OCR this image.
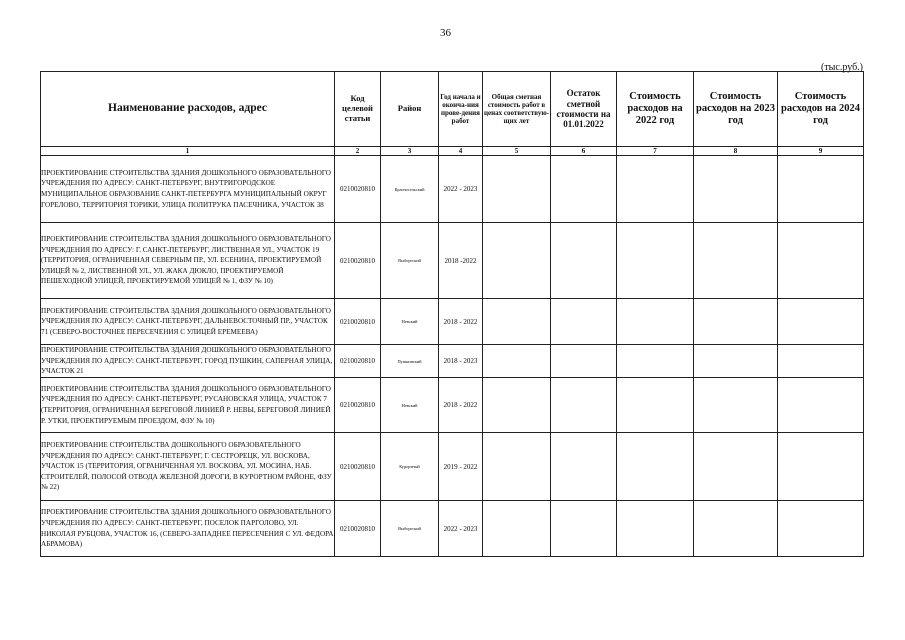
36
(тыс.руб.)
Наименование расходов, адрес	Код целевой статьи	Район	Год начала и оконча-ния прове-дения работ	Общая сметная стоимость работ в ценах соответствую-щих лет	Остаток сметной стоимости на 01.01.2022	Стоимость расходов на 2022 год	Стоимость расходов на 2023 год	Стоимость расходов на 2024 год
1	2	3	4	5	6	7	8	9
ПРОЕКТИРОВАНИЕ СТРОИТЕЛЬСТВА ЗДАНИЯ ДОШКОЛЬНОГО ОБРАЗОВАТЕЛЬНОГО УЧРЕЖДЕНИЯ ПО АДРЕСУ: САНКТ-ПЕТЕРБУРГ, ВНУТРИГОРОДСКОЕ МУНИЦИПАЛЬНОЕ ОБРАЗОВАНИЕ САНКТ-ПЕТЕРБУРГА МУНИЦИПАЛЬНЫЙ ОКРУГ ГОРЕЛОВО, ТЕРРИТОРИЯ ТОРИКИ, УЛИЦА ПОЛИТРУКА ПАСЕЧНИКА, УЧАСТОК 38	0210020810	Красносельский	2022 - 2023					
ПРОЕКТИРОВАНИЕ СТРОИТЕЛЬСТВА ЗДАНИЯ ДОШКОЛЬНОГО ОБРАЗОВАТЕЛЬНОГО УЧРЕЖДЕНИЯ ПО АДРЕСУ: Г. САНКТ-ПЕТЕРБУРГ, ЛИСТВЕННАЯ УЛ., УЧАСТОК 19 (ТЕРРИТОРИЯ, ОГРАНИЧЕННАЯ СЕВЕРНЫМ ПР., УЛ. ЕСЕНИНА, ПРОЕКТИРУЕМОЙ УЛИЦЕЙ № 2, ЛИСТВЕННОЙ УЛ., УЛ. ЖАКА ДЮКЛО, ПРОЕКТИРУЕМОЙ ПЕШЕХОДНОЙ УЛИЦЕЙ, ПРОЕКТИРУЕМОЙ УЛИЦЕЙ № 1, ФЗУ № 10)	0210020810	Выборгский	2018 -2022					
ПРОЕКТИРОВАНИЕ СТРОИТЕЛЬСТВА ЗДАНИЯ ДОШКОЛЬНОГО ОБРАЗОВАТЕЛЬНОГО УЧРЕЖДЕНИЯ ПО АДРЕСУ: САНКТ-ПЕТЕРБУРГ, ДАЛЬНЕВОСТОЧНЫЙ ПР., УЧАСТОК 71 (СЕВЕРО-ВОСТОЧНЕЕ ПЕРЕСЕЧЕНИЯ С УЛИЦЕЙ ЕРЕМЕЕВА)	0210020810	Невский	2018 - 2022					
ПРОЕКТИРОВАНИЕ СТРОИТЕЛЬСТВА ЗДАНИЯ ДОШКОЛЬНОГО ОБРАЗОВАТЕЛЬНОГО УЧРЕЖДЕНИЯ ПО АДРЕСУ: САНКТ-ПЕТЕРБУРГ, ГОРОД ПУШКИН, САПЕРНАЯ УЛИЦА, УЧАСТОК 21	0210020810	Пушкинский	2018 - 2023					
ПРОЕКТИРОВАНИЕ СТРОИТЕЛЬСТВА ЗДАНИЯ ДОШКОЛЬНОГО ОБРАЗОВАТЕЛЬНОГО УЧРЕЖДЕНИЯ ПО АДРЕСУ: САНКТ-ПЕТЕРБУРГ, РУСАНОВСКАЯ УЛИЦА, УЧАСТОК 7 (ТЕРРИТОРИЯ, ОГРАНИЧЕННАЯ БЕРЕГОВОЙ ЛИНИЕЙ Р. НЕВЫ, БЕРЕГОВОЙ ЛИНИЕЙ Р. УТКИ, ПРОЕКТИРУЕМЫМ ПРОЕЗДОМ, ФЗУ № 10)	0210020810	Невский	2018 - 2022					
ПРОЕКТИРОВАНИЕ СТРОИТЕЛЬСТВА ДОШКОЛЬНОГО ОБРАЗОВАТЕЛЬНОГО УЧРЕЖДЕНИЯ ПО АДРЕСУ: САНКТ-ПЕТЕРБУРГ, Г. СЕСТРОРЕЦК, УЛ. ВОСКОВА, УЧАСТОК 15 (ТЕРРИТОРИЯ, ОГРАНИЧЕННАЯ УЛ. ВОСКОВА, УЛ. МОСИНА, НАБ. СТРОИТЕЛЕЙ, ПОЛОСОЙ ОТВОДА ЖЕЛЕЗНОЙ ДОРОГИ, В КУРОРТНОМ РАЙОНЕ, ФЗУ № 22)	0210020810	Курортный	2019 - 2022					
ПРОЕКТИРОВАНИЕ СТРОИТЕЛЬСТВА ЗДАНИЯ ДОШКОЛЬНОГО ОБРАЗОВАТЕЛЬНОГО УЧРЕЖДЕНИЯ ПО АДРЕСУ: САНКТ-ПЕТЕРБУРГ, ПОСЕЛОК ПАРГОЛОВО, УЛ. НИКОЛАЯ РУБЦОВА, УЧАСТОК 16, (СЕВЕРО-ЗАПАДНЕЕ ПЕРЕСЕЧЕНИЯ С УЛ. ФЕДОРА АБРАМОВА)	0210020810	Выборгский	2022 - 2023					
